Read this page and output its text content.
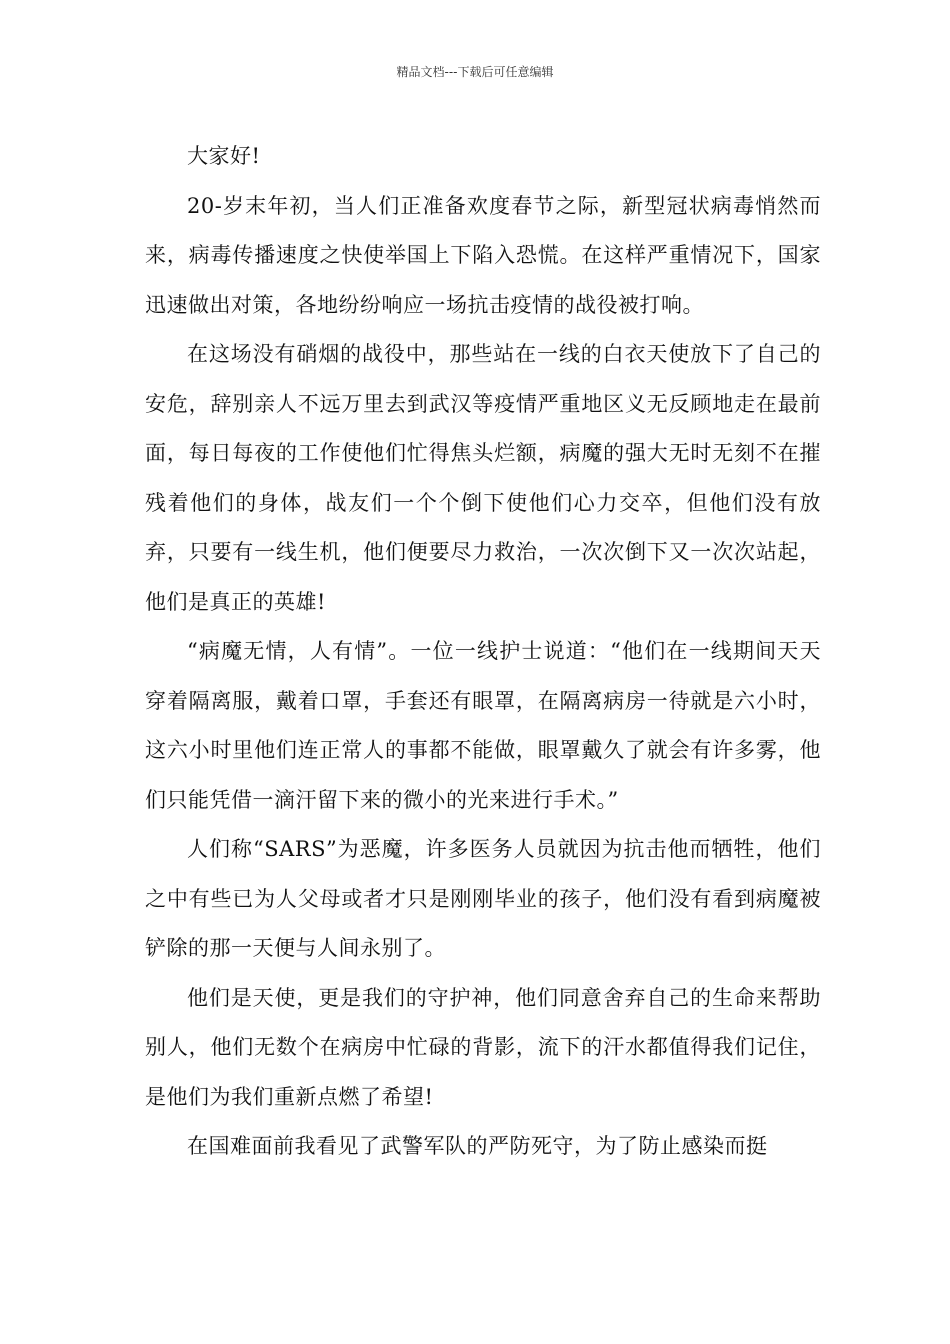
精品文档---下载后可任意编辑

大家好!

20-岁末年初，当人们正准备欢度春节之际，新型冠状病毒悄然而来，病毒传播速度之快使举国上下陷入恐慌。在这样严重情况下，国家迅速做出对策，各地纷纷响应一场抗击疫情的战役被打响。

在这场没有硝烟的战役中，那些站在一线的白衣天使放下了自己的安危，辞别亲人不远万里去到武汉等疫情严重地区义无反顾地走在最前面，每日每夜的工作使他们忙得焦头烂额，病魔的强大无时无刻不在摧残着他们的身体，战友们一个个倒下使他们心力交卒，但他们没有放弃，只要有一线生机，他们便要尽力救治，一次次倒下又一次次站起，他们是真正的英雄!

“病魔无情，人有情”。一位一线护士说道：“他们在一线期间天天穿着隔离服，戴着口罩，手套还有眼罩，在隔离病房一待就是六小时，这六小时里他们连正常人的事都不能做，眼罩戴久了就会有许多雾，他们只能凭借一滴汗留下来的微小的光来进行手术。”

人们称“SARS”为恶魔，许多医务人员就因为抗击他而牺牲，他们之中有些已为人父母或者才只是刚刚毕业的孩子，他们没有看到病魔被铲除的那一天便与人间永别了。

他们是天使，更是我们的守护神，他们同意舍弃自己的生命来帮助别人，他们无数个在病房中忙碌的背影，流下的汗水都值得我们记住，是他们为我们重新点燃了希望!

在国难面前我看见了武警军队的严防死守，为了防止感染而挺
